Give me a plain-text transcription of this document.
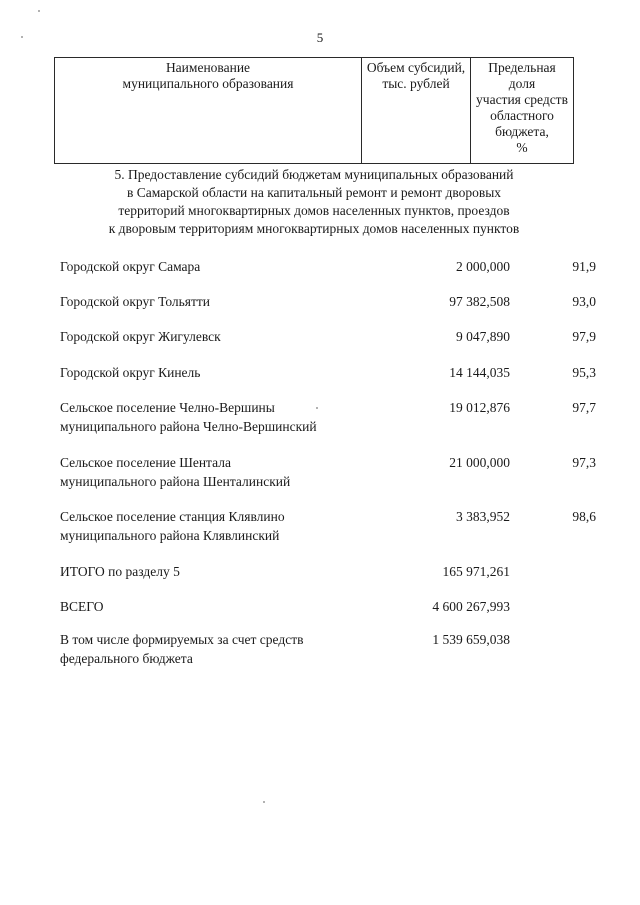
5
Наименование
муниципального образования
Объем субсидий,
тыс. рублей
Предельная
доля
участия средств
областного
бюджета,
%
5. Предоставление субсидий бюджетам муниципальных образований
в Самарской области на капитальный ремонт и ремонт дворовых
территорий многоквартирных домов населенных пунктов, проездов
к дворовым территориям многоквартирных домов населенных пунктов
Городской округ Самара	2 000,000	91,9
Городской округ Тольятти	97 382,508	93,0
Городской округ Жигулевск	9 047,890	97,9
Городской округ Кинель	14 144,035	95,3
Сельское поселение Челно-Вершины
муниципального района Челно-Вершинский
19 012,876	97,7
Сельское поселение Шентала
муниципального района Шенталинский
21 000,000	97,3
Сельское поселение станция Клявлино
муниципального района Клявлинский
3 383,952	98,6
ИТОГО по разделу 5	165 971,261
ВСЕГО	4 600 267,993
В том числе формируемых за счет средств
федерального бюджета
1 539 659,038
